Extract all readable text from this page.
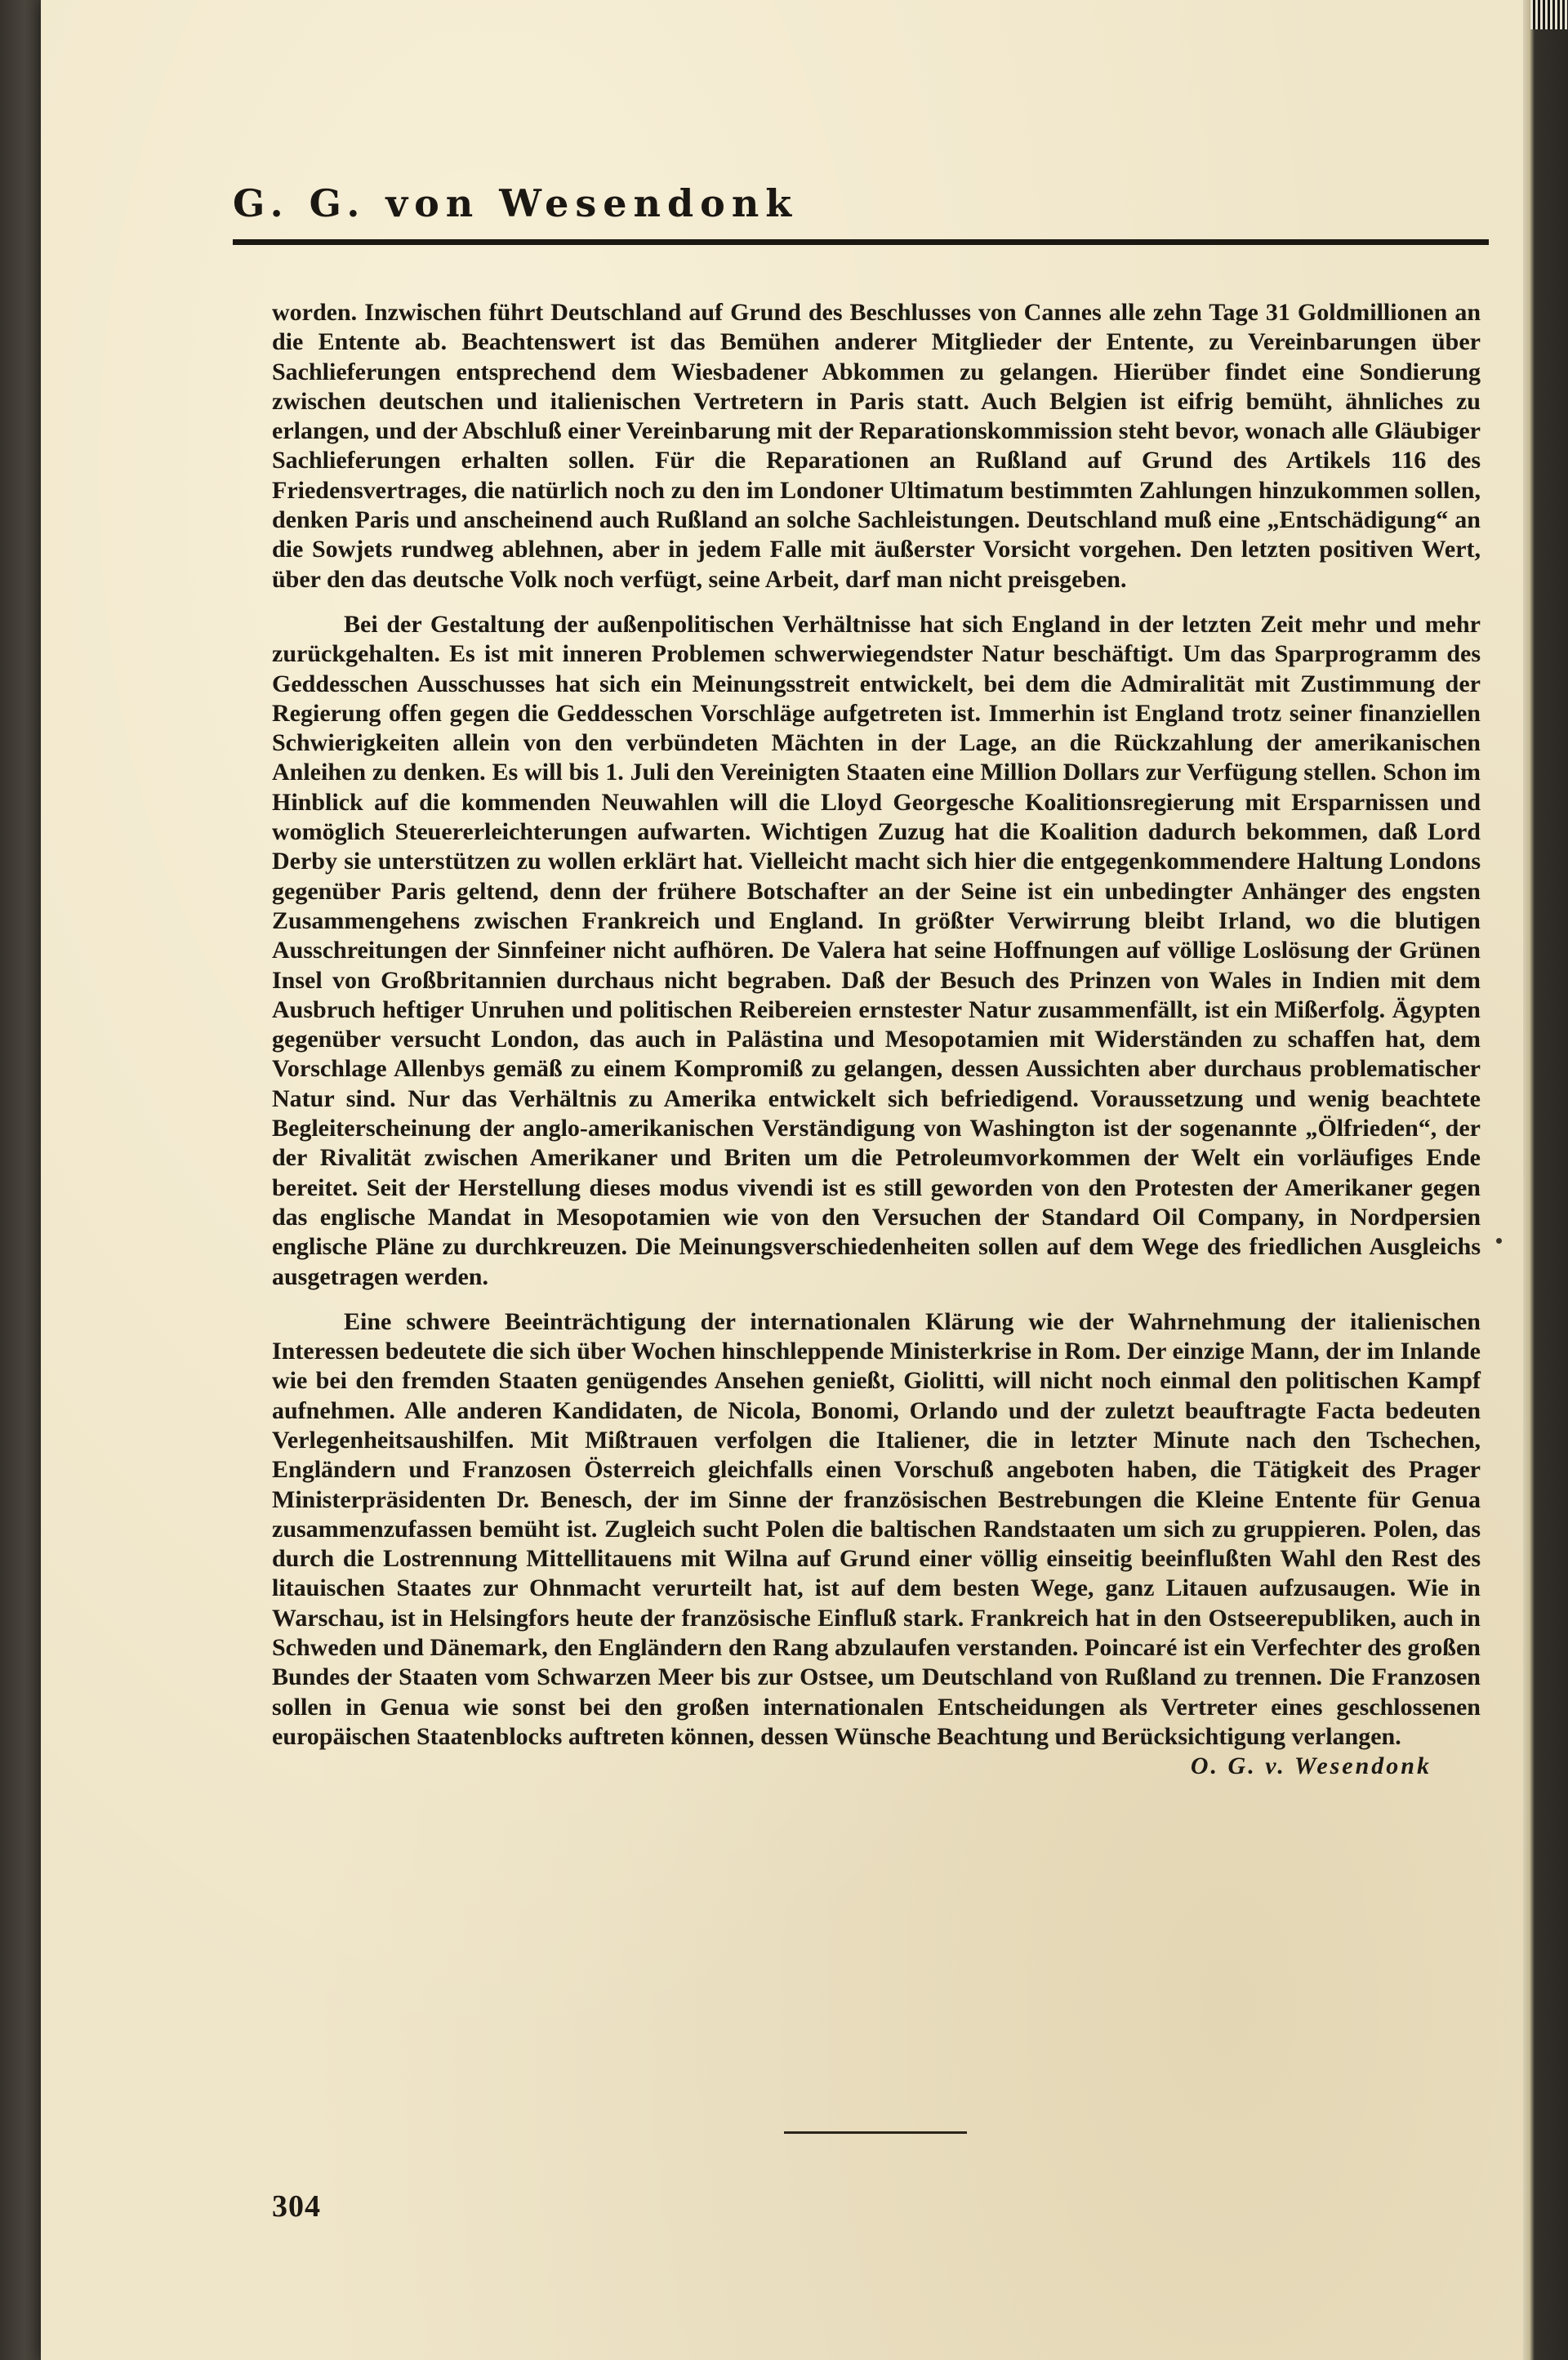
G. G. von Wesendonk

worden. Inzwischen führt Deutschland auf Grund des Beschlusses von Cannes alle zehn Tage 31 Goldmillionen an die Entente ab. Beachtenswert ist das Bemühen anderer Mitglieder der Entente, zu Vereinbarungen über Sachlieferungen entsprechend dem Wiesbadener Abkommen zu gelangen. Hierüber findet eine Sondierung zwischen deutschen und italienischen Vertretern in Paris statt. Auch Belgien ist eifrig bemüht, ähnliches zu erlangen, und der Abschluß einer Vereinbarung mit der Reparationskommission steht bevor, wonach alle Gläubiger Sachlieferungen erhalten sollen. Für die Reparationen an Rußland auf Grund des Artikels 116 des Friedensvertrages, die natürlich noch zu den im Londoner Ultimatum bestimmten Zahlungen hinzukommen sollen, denken Paris und anscheinend auch Rußland an solche Sachleistungen. Deutschland muß eine „Entschädigung“ an die Sowjets rundweg ablehnen, aber in jedem Falle mit äußerster Vorsicht vorgehen. Den letzten positiven Wert, über den das deutsche Volk noch verfügt, seine Arbeit, darf man nicht preisgeben.

Bei der Gestaltung der außenpolitischen Verhältnisse hat sich England in der letzten Zeit mehr und mehr zurückgehalten. Es ist mit inneren Problemen schwerwiegendster Natur beschäftigt. Um das Sparprogramm des Geddesschen Ausschusses hat sich ein Meinungsstreit entwickelt, bei dem die Admiralität mit Zustimmung der Regierung offen gegen die Geddesschen Vorschläge aufgetreten ist. Immerhin ist England trotz seiner finanziellen Schwierigkeiten allein von den verbündeten Mächten in der Lage, an die Rückzahlung der amerikanischen Anleihen zu denken. Es will bis 1. Juli den Vereinigten Staaten eine Million Dollars zur Verfügung stellen. Schon im Hinblick auf die kommenden Neuwahlen will die Lloyd Georgesche Koalitionsregierung mit Ersparnissen und womöglich Steuererleichterungen aufwarten. Wichtigen Zuzug hat die Koalition dadurch bekommen, daß Lord Derby sie unterstützen zu wollen erklärt hat. Vielleicht macht sich hier die entgegenkommendere Haltung Londons gegenüber Paris geltend, denn der frühere Botschafter an der Seine ist ein unbedingter Anhänger des engsten Zusammengehens zwischen Frankreich und England. In größter Verwirrung bleibt Irland, wo die blutigen Ausschreitungen der Sinnfeiner nicht aufhören. De Valera hat seine Hoffnungen auf völlige Loslösung der Grünen Insel von Großbritannien durchaus nicht begraben. Daß der Besuch des Prinzen von Wales in Indien mit dem Ausbruch heftiger Unruhen und politischen Reibereien ernstester Natur zusammenfällt, ist ein Mißerfolg. Ägypten gegenüber versucht London, das auch in Palästina und Mesopotamien mit Widerständen zu schaffen hat, dem Vorschlage Allenbys gemäß zu einem Kompromiß zu gelangen, dessen Aussichten aber durchaus problematischer Natur sind. Nur das Verhältnis zu Amerika entwickelt sich befriedigend. Voraussetzung und wenig beachtete Begleiterscheinung der anglo-amerikanischen Verständigung von Washington ist der sogenannte „Ölfrieden“, der der Rivalität zwischen Amerikaner und Briten um die Petroleumvorkommen der Welt ein vorläufiges Ende bereitet. Seit der Herstellung dieses modus vivendi ist es still geworden von den Protesten der Amerikaner gegen das englische Mandat in Mesopotamien wie von den Versuchen der Standard Oil Company, in Nordpersien englische Pläne zu durchkreuzen. Die Meinungsverschiedenheiten sollen auf dem Wege des friedlichen Ausgleichs ausgetragen werden.

Eine schwere Beeinträchtigung der internationalen Klärung wie der Wahrnehmung der italienischen Interessen bedeutete die sich über Wochen hinschleppende Ministerkrise in Rom. Der einzige Mann, der im Inlande wie bei den fremden Staaten genügendes Ansehen genießt, Giolitti, will nicht noch einmal den politischen Kampf aufnehmen. Alle anderen Kandidaten, de Nicola, Bonomi, Orlando und der zuletzt beauftragte Facta bedeuten Verlegenheitsaushilfen. Mit Mißtrauen verfolgen die Italiener, die in letzter Minute nach den Tschechen, Engländern und Franzosen Österreich gleichfalls einen Vorschuß angeboten haben, die Tätigkeit des Prager Ministerpräsidenten Dr. Benesch, der im Sinne der französischen Bestrebungen die Kleine Entente für Genua zusammenzufassen bemüht ist. Zugleich sucht Polen die baltischen Randstaaten um sich zu gruppieren. Polen, das durch die Lostrennung Mittellitauens mit Wilna auf Grund einer völlig einseitig beeinflußten Wahl den Rest des litauischen Staates zur Ohnmacht verurteilt hat, ist auf dem besten Wege, ganz Litauen aufzusaugen. Wie in Warschau, ist in Helsingfors heute der französische Einfluß stark. Frankreich hat in den Ostseerepubliken, auch in Schweden und Dänemark, den Engländern den Rang abzulaufen verstanden. Poincaré ist ein Verfechter des großen Bundes der Staaten vom Schwarzen Meer bis zur Ostsee, um Deutschland von Rußland zu trennen. Die Franzosen sollen in Genua wie sonst bei den großen internationalen Entscheidungen als Vertreter eines geschlossenen europäischen Staatenblocks auftreten können, dessen Wünsche Beachtung und Berücksichtigung verlangen.

O. G. v. Wesendonk
304
